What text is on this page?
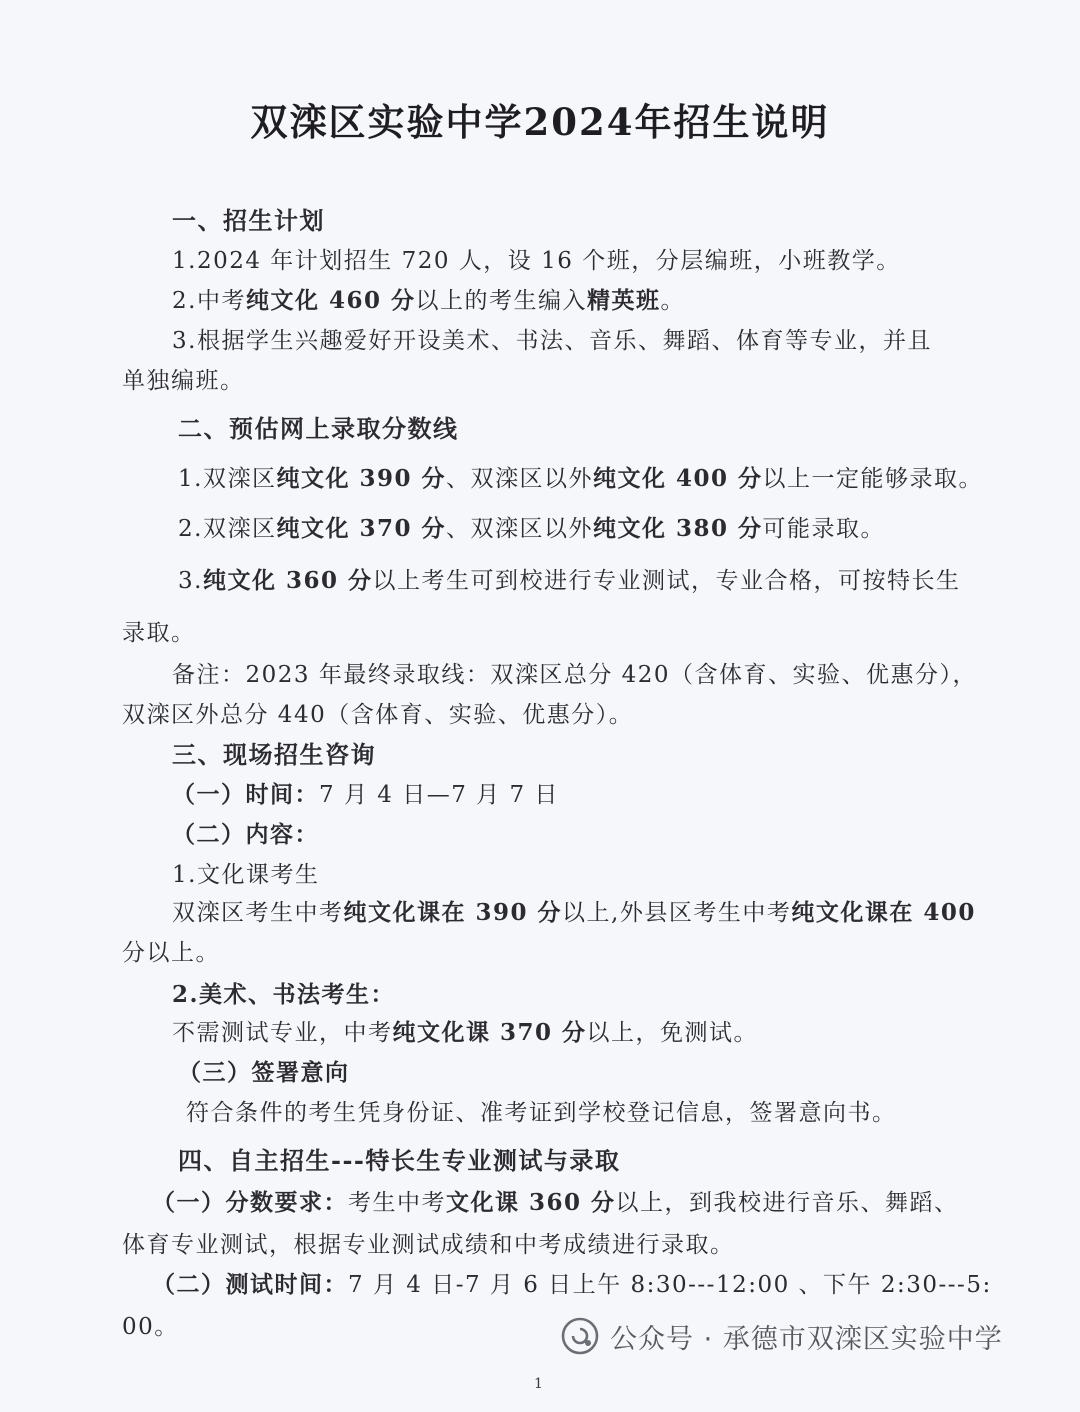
双滦区实验中学2024年招生说明
一、招生计划
1.2024 年计划招生 720 人，设 16 个班，分层编班，小班教学。
2.中考纯文化 460 分以上的考生编入精英班。
3.根据学生兴趣爱好开设美术、书法、音乐、舞蹈、体育等专业，并且
单独编班。
二、预估网上录取分数线
1.双滦区纯文化 390 分、双滦区以外纯文化 400 分以上一定能够录取。
2.双滦区纯文化 370 分、双滦区以外纯文化 380 分可能录取。
3.纯文化 360 分以上考生可到校进行专业测试，专业合格，可按特长生
录取。
备注：2023 年最终录取线：双滦区总分 420（含体育、实验、优惠分），
双滦区外总分 440（含体育、实验、优惠分）。
三、现场招生咨询
（一）时间：7 月 4 日—7 月 7 日
（二）内容：
1.文化课考生
双滦区考生中考纯文化课在 390 分以上,外县区考生中考纯文化课在 400
分以上。
2.美术、书法考生：
不需测试专业，中考纯文化课 370 分以上，免测试。
（三）签署意向
符合条件的考生凭身份证、准考证到学校登记信息，签署意向书。
四、自主招生---特长生专业测试与录取
（一）分数要求：考生中考文化课 360 分以上，到我校进行音乐、舞蹈、
体育专业测试，根据专业测试成绩和中考成绩进行录取。
（二）测试时间：7 月 4 日-7 月 6 日上午 8:30---12:00 、下午 2:30---5:
00。	公众号 · 承德市双滦区实验中学
1
